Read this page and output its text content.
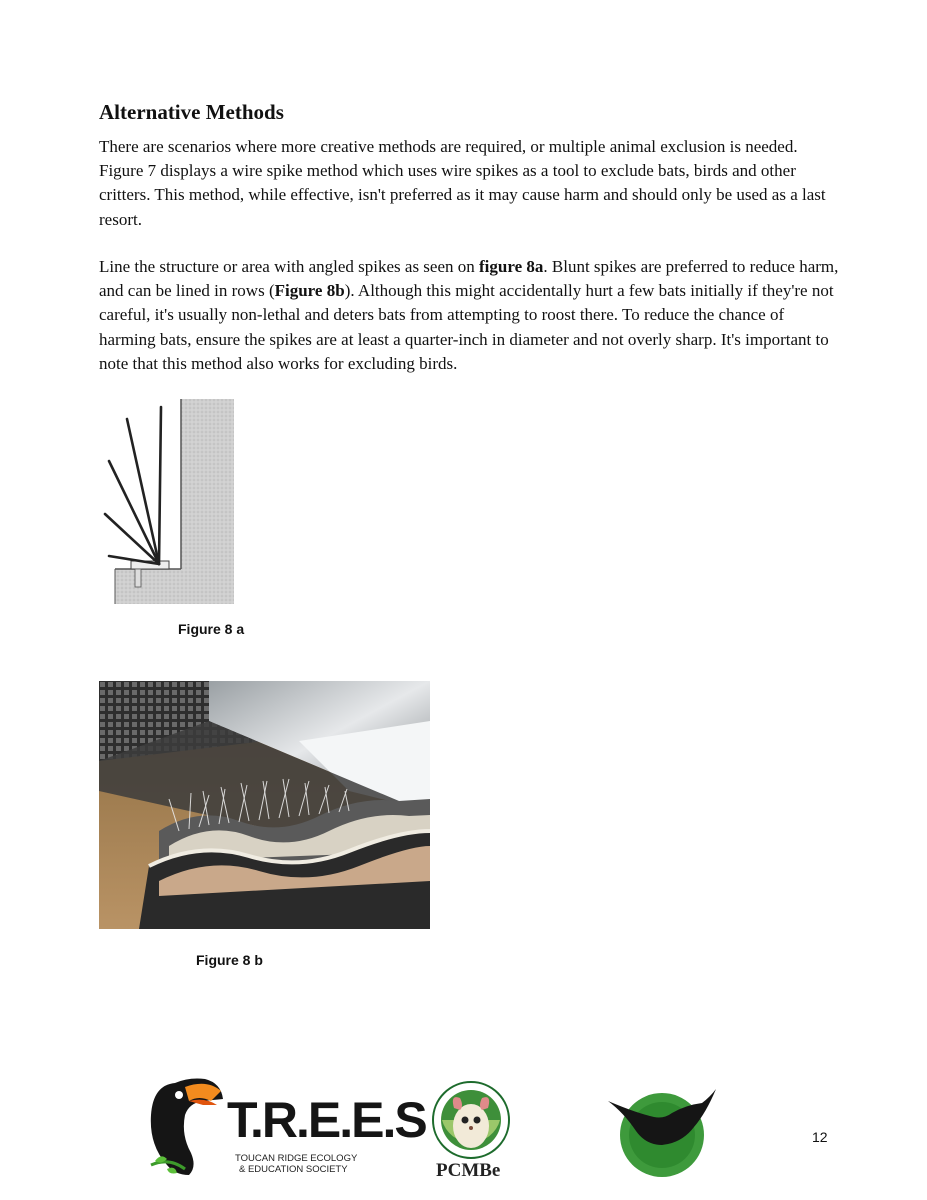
Alternative Methods

There are scenarios where more creative methods are required, or multiple animal exclusion is needed. Figure 7 displays a wire spike method which uses wire spikes as a tool to exclude bats, birds and other critters. This method, while effective, isn't preferred as it may cause harm and should only be used as a last resort.

Line the structure or area with angled spikes as seen on figure 8a. Blunt spikes are preferred to reduce harm, and can be lined in rows (Figure 8b). Although this might accidentally hurt a few bats initially if they're not careful, it's usually non-lethal and deters bats from attempting to roost there. To reduce the chance of harming bats, ensure the spikes are at least a quarter-inch in diameter and not overly sharp. It's important to note that this method also works for excluding birds.

Figure 8 a
Figure 8 b
T.R.E.E.S
TOUCAN RIDGE ECOLOGY
& EDUCATION SOCIETY	PCMBe
12
